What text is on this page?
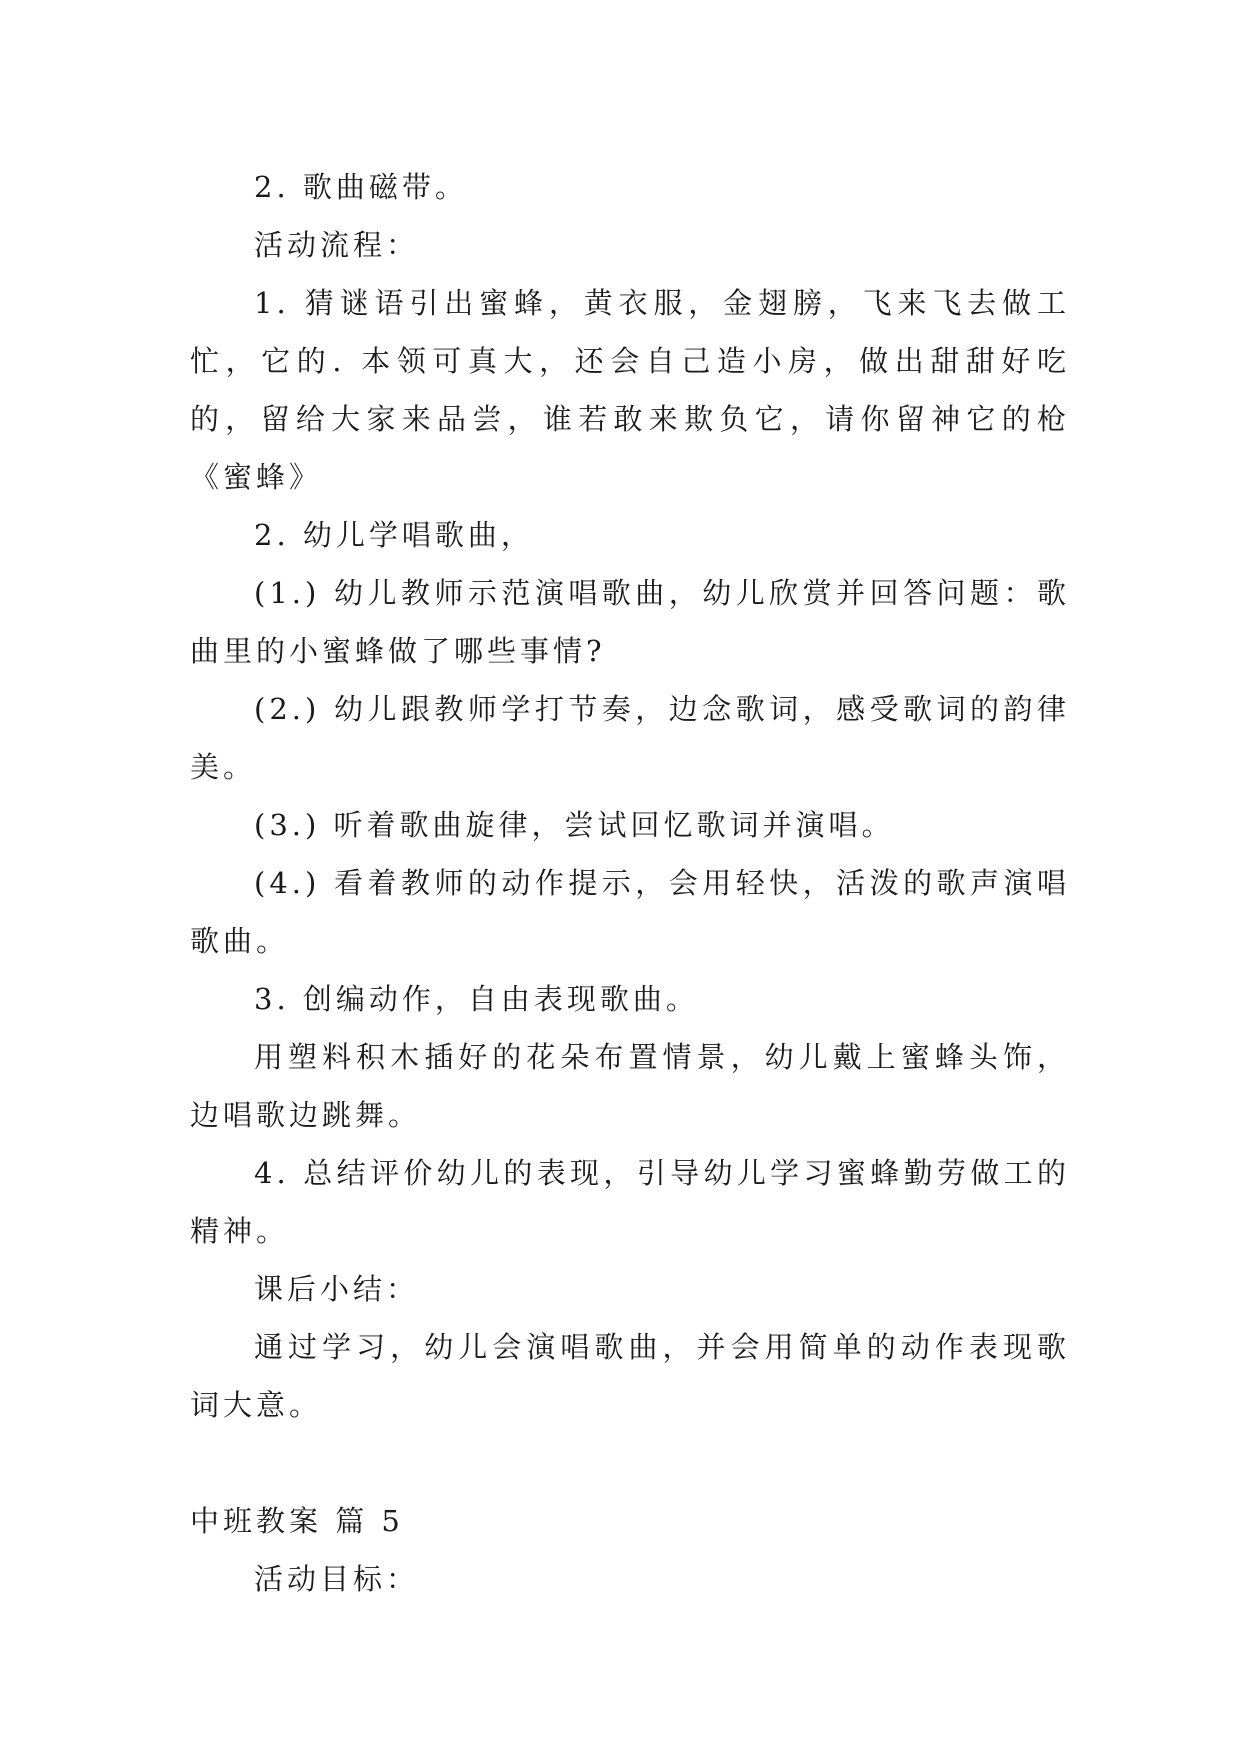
2. 歌曲磁带。

活动流程：

1. 猜谜语引出蜜蜂，黄衣服，金翅膀，飞来飞去做工忙，它的. 本领可真大，还会自己造小房，做出甜甜好吃的，留给大家来品尝，谁若敢来欺负它，请你留神它的枪《蜜蜂》

2. 幼儿学唱歌曲，

(1.) 幼儿教师示范演唱歌曲，幼儿欣赏并回答问题：歌曲里的小蜜蜂做了哪些事情?

(2.) 幼儿跟教师学打节奏，边念歌词，感受歌词的韵律美。

(3.) 听着歌曲旋律，尝试回忆歌词并演唱。

(4.) 看着教师的动作提示，会用轻快，活泼的歌声演唱歌曲。

3. 创编动作，自由表现歌曲。

用塑料积木插好的花朵布置情景，幼儿戴上蜜蜂头饰，边唱歌边跳舞。

4. 总结评价幼儿的表现，引导幼儿学习蜜蜂勤劳做工的精神。

课后小结：

通过学习，幼儿会演唱歌曲，并会用简单的动作表现歌词大意。

中班教案 篇 5

活动目标：
